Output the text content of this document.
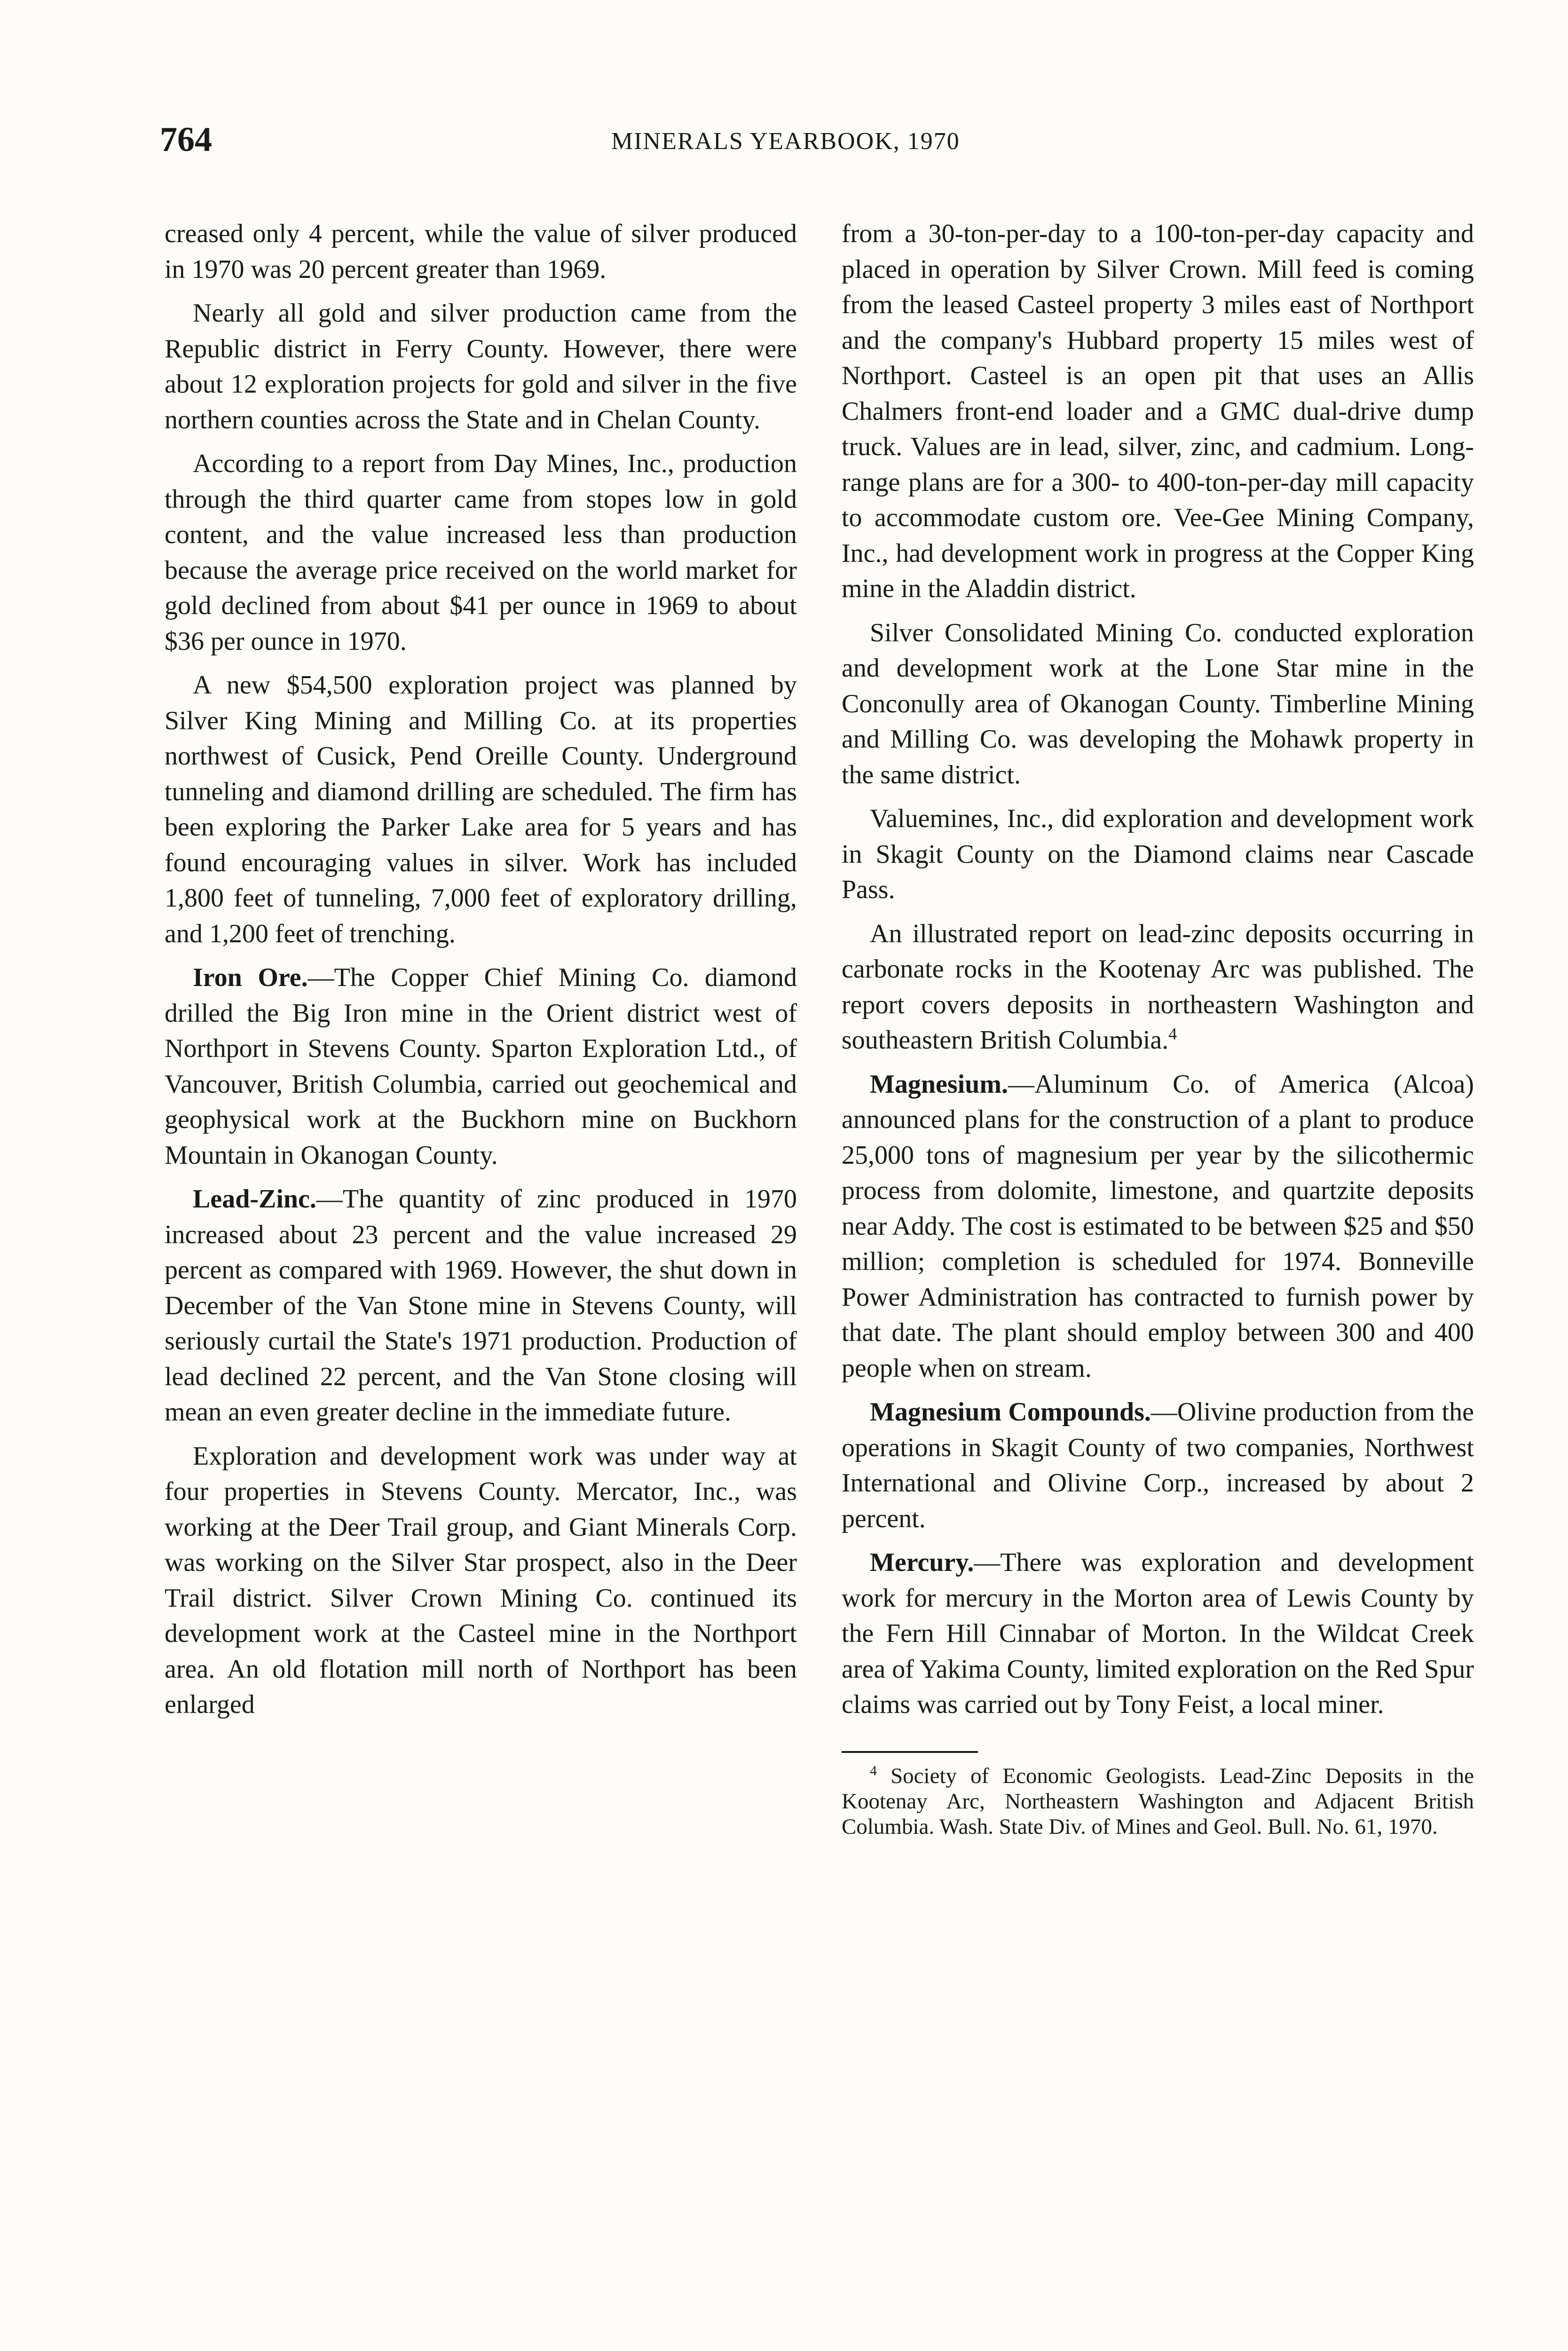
764	MINERALS YEARBOOK, 1970

creased only 4 percent, while the value of silver produced in 1970 was 20 percent greater than 1969.

Nearly all gold and silver production came from the Republic district in Ferry County. However, there were about 12 exploration projects for gold and silver in the five northern counties across the State and in Chelan County.

According to a report from Day Mines, Inc., production through the third quarter came from stopes low in gold content, and the value increased less than production because the average price received on the world market for gold declined from about $41 per ounce in 1969 to about $36 per ounce in 1970.

A new $54,500 exploration project was planned by Silver King Mining and Milling Co. at its properties northwest of Cusick, Pend Oreille County. Underground tunneling and diamond drilling are scheduled. The firm has been exploring the Parker Lake area for 5 years and has found encouraging values in silver. Work has included 1,800 feet of tunneling, 7,000 feet of exploratory drilling, and 1,200 feet of trenching.

Iron Ore.—The Copper Chief Mining Co. diamond drilled the Big Iron mine in the Orient district west of Northport in Stevens County. Sparton Exploration Ltd., of Vancouver, British Columbia, carried out geochemical and geophysical work at the Buckhorn mine on Buckhorn Mountain in Okanogan County.

Lead-Zinc.—The quantity of zinc produced in 1970 increased about 23 percent and the value increased 29 percent as compared with 1969. However, the shut down in December of the Van Stone mine in Stevens County, will seriously curtail the State's 1971 production. Production of lead declined 22 percent, and the Van Stone closing will mean an even greater decline in the immediate future.

Exploration and development work was under way at four properties in Stevens County. Mercator, Inc., was working at the Deer Trail group, and Giant Minerals Corp. was working on the Silver Star prospect, also in the Deer Trail district. Silver Crown Mining Co. continued its development work at the Casteel mine in the Northport area. An old flotation mill north of Northport has been enlarged

from a 30-ton-per-day to a 100-ton-per-day capacity and placed in operation by Silver Crown. Mill feed is coming from the leased Casteel property 3 miles east of Northport and the company's Hubbard property 15 miles west of Northport. Casteel is an open pit that uses an Allis Chalmers front-end loader and a GMC dual-drive dump truck. Values are in lead, silver, zinc, and cadmium. Long-range plans are for a 300- to 400-ton-per-day mill capacity to accommodate custom ore. Vee-Gee Mining Company, Inc., had development work in progress at the Copper King mine in the Aladdin district.

Silver Consolidated Mining Co. conducted exploration and development work at the Lone Star mine in the Conconully area of Okanogan County. Timberline Mining and Milling Co. was developing the Mohawk property in the same district.

Valuemines, Inc., did exploration and development work in Skagit County on the Diamond claims near Cascade Pass.

An illustrated report on lead-zinc deposits occurring in carbonate rocks in the Kootenay Arc was published. The report covers deposits in northeastern Washington and southeastern British Columbia.$^4$

Magnesium.—Aluminum Co. of America (Alcoa) announced plans for the construction of a plant to produce 25,000 tons of magnesium per year by the silicothermic process from dolomite, limestone, and quartzite deposits near Addy. The cost is estimated to be between $25 and $50 million; completion is scheduled for 1974. Bonneville Power Administration has contracted to furnish power by that date. The plant should employ between 300 and 400 people when on stream.

Magnesium Compounds.—Olivine production from the operations in Skagit County of two companies, Northwest International and Olivine Corp., increased by about 2 percent.

Mercury.—There was exploration and development work for mercury in the Morton area of Lewis County by the Fern Hill Cinnabar of Morton. In the Wildcat Creek area of Yakima County, limited exploration on the Red Spur claims was carried out by Tony Feist, a local miner.

$^4$ Society of Economic Geologists. Lead-Zinc Deposits in the Kootenay Arc, Northeastern Washington and Adjacent British Columbia. Wash. State Div. of Mines and Geol. Bull. No. 61, 1970.
